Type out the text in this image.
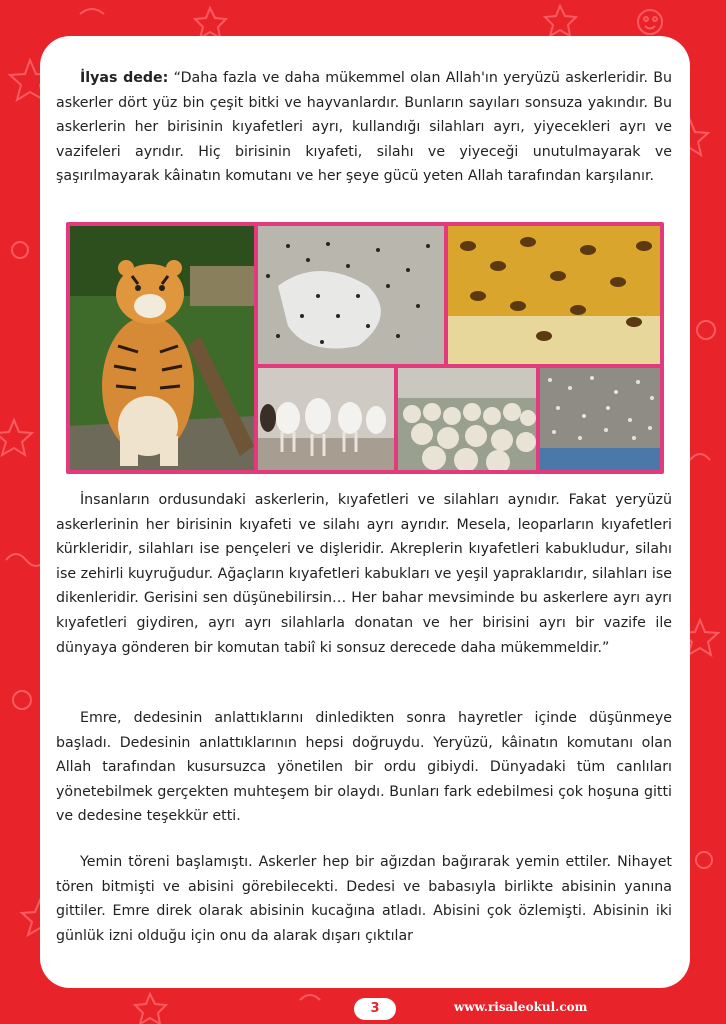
İlyas dede: “Daha fazla ve daha mükemmel olan Allah'ın yeryüzü askerleridir. Bu askerler dört yüz bin çeşit bitki ve hayvanlardır. Bunların sayıları sonsuza yakındır. Bu askerlerin her birisinin kıyafetleri ayrı, kullandığı silahları ayrı, yiyecekleri ayrı ve vazifeleri ayrıdır. Hiç birisinin kıyafeti, silahı ve yiyeceği unutulmayarak ve şaşırılmayarak kâinatın komutanı ve her şeye gücü yeten Allah tarafından karşılanır.

İnsanların ordusundaki askerlerin, kıyafetleri ve silahları aynıdır. Fakat yeryüzü askerlerinin her birisinin kıyafeti ve silahı ayrı ayrıdır. Mesela, leoparların kıyafetleri kürkleridir, silahları ise pençeleri ve dişleridir. Akreplerin kıyafetleri kabukludur, silahı ise zehirli kuyruğudur. Ağaçların kıyafetleri kabukları ve yeşil yapraklarıdır, silahları ise dikenleridir. Gerisini sen düşünebilirsin… Her bahar mevsiminde bu askerlere ayrı ayrı kıyafetleri giydiren, ayrı ayrı silahlarla donatan ve her birisini ayrı bir vazife ile dünyaya gönderen bir komutan tabiî ki sonsuz derecede daha mükemmeldir.”

Emre, dedesinin anlattıklarını dinledikten sonra hayretler içinde düşünmeye başladı. Dedesinin anlattıklarının hepsi doğruydu. Yeryüzü, kâinatın komutanı olan Allah tarafından kusursuzca yönetilen bir ordu gibiydi. Dünyadaki tüm canlıları yönetebilmek gerçekten muhteşem bir olaydı. Bunları fark edebilmesi çok hoşuna gitti ve dedesine teşekkür etti.

Yemin töreni başlamıştı. Askerler hep bir ağızdan bağırarak yemin ettiler. Nihayet tören bitmişti ve abisini görebilecekti. Dedesi ve babasıyla birlikte abisinin yanına gittiler. Emre direk olarak abisinin kucağına atladı. Abisini çok özlemişti. Abisinin iki günlük izni olduğu için onu da alarak dışarı çıktılar

3	www.risaleokul.com
